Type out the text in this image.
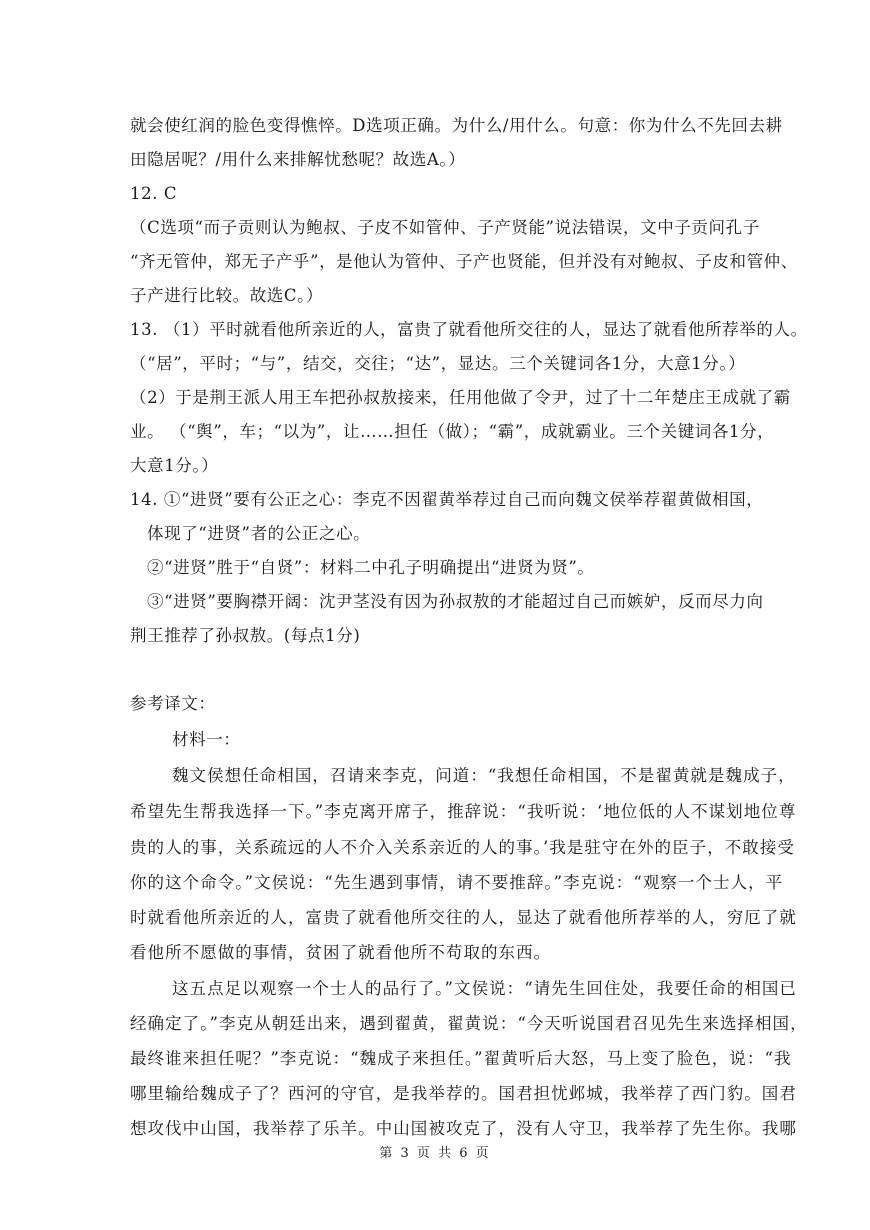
就会使红润的脸色变得憔悴。D选项正确。为什么/用什么。句意：你为什么不先回去耕
田隐居呢？/用什么来排解忧愁呢？故选A。）
12. C
（C选项“而子贡则认为鲍叔、子皮不如管仲、子产贤能”说法错误，文中子贡问孔子
“齐无管仲，郑无子产乎”，是他认为管仲、子产也贤能，但并没有对鲍叔、子皮和管仲、
子产进行比较。故选C。）
13. （1）平时就看他所亲近的人，富贵了就看他所交往的人，显达了就看他所荐举的人。
（“居”，平时；“与”，结交，交往；“达”，显达。三个关键词各1分，大意1分。）
（2）于是荆王派人用王车把孙叔敖接来，任用他做了令尹，过了十二年楚庄王成就了霸
业。 （“舆”，车；“以为”，让……担任（做）；“霸”，成就霸业。三个关键词各1分，
大意1分。）
14. ①“进贤”要有公正之心：李克不因翟黄举荐过自己而向魏文侯举荐翟黄做相国，
体现了“进贤”者的公正之心。
②“进贤”胜于“自贤”：材料二中孔子明确提出“进贤为贤”。
③“进贤”要胸襟开阔：沈尹茎没有因为孙叔敖的才能超过自己而嫉妒，反而尽力向
荆王推荐了孙叔敖。(每点1分)
参考译文：
材料一：
魏文侯想任命相国，召请来李克，问道：“我想任命相国，不是翟黄就是魏成子，
希望先生帮我选择一下。”李克离开席子，推辞说：“我听说：‘地位低的人不谋划地位尊
贵的人的事，关系疏远的人不介入关系亲近的人的事。’我是驻守在外的臣子，不敢接受
你的这个命令。”文侯说：“先生遇到事情，请不要推辞。”李克说：“观察一个士人，平
时就看他所亲近的人，富贵了就看他所交往的人，显达了就看他所荐举的人，穷厄了就
看他所不愿做的事情，贫困了就看他所不苟取的东西。
这五点足以观察一个士人的品行了。”文侯说：“请先生回住处，我要任命的相国已
经确定了。”李克从朝廷出来，遇到翟黄，翟黄说：“今天听说国君召见先生来选择相国，
最终谁来担任呢？”李克说：“魏成子来担任。”翟黄听后大怒，马上变了脸色，说：“我
哪里输给魏成子了？西河的守官，是我举荐的。国君担忧邺城，我举荐了西门豹。国君
想攻伐中山国，我举荐了乐羊。中山国被攻克了，没有人守卫，我举荐了先生你。我哪
第 3 页 共 6 页
